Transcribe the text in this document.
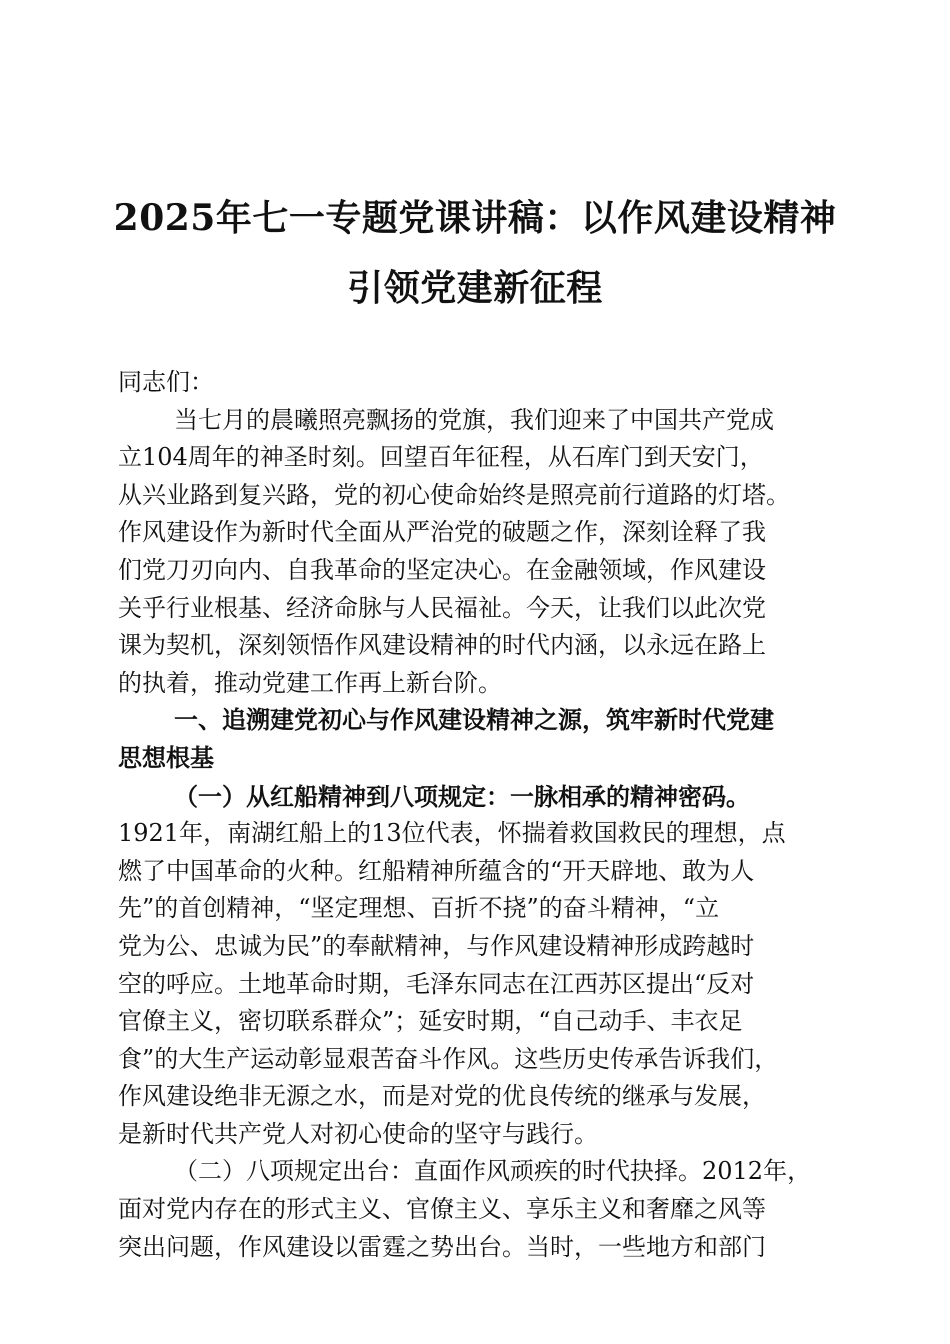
2025年七一专题党课讲稿：以作风建设精神
引领党建新征程
同志们：
当七月的晨曦照亮飘扬的党旗，我们迎来了中国共产党成
立104周年的神圣时刻。回望百年征程，从石库门到天安门，
从兴业路到复兴路，党的初心使命始终是照亮前行道路的灯塔。
作风建设作为新时代全面从严治党的破题之作，深刻诠释了我
们党刀刃向内、自我革命的坚定决心。在金融领域，作风建设
关乎行业根基、经济命脉与人民福祉。今天，让我们以此次党
课为契机，深刻领悟作风建设精神的时代内涵，以永远在路上
的执着，推动党建工作再上新台阶。
一、追溯建党初心与作风建设精神之源，筑牢新时代党建
思想根基
（一）从红船精神到八项规定：一脉相承的精神密码。
1921年，南湖红船上的13位代表，怀揣着救国救民的理想，点
燃了中国革命的火种。红船精神所蕴含的“开天辟地、敢为人
先”的首创精神，“坚定理想、百折不挠”的奋斗精神，“立
党为公、忠诚为民”的奉献精神，与作风建设精神形成跨越时
空的呼应。土地革命时期，毛泽东同志在江西苏区提出“反对
官僚主义，密切联系群众”；延安时期，“自己动手、丰衣足
食”的大生产运动彰显艰苦奋斗作风。这些历史传承告诉我们，
作风建设绝非无源之水，而是对党的优良传统的继承与发展，
是新时代共产党人对初心使命的坚守与践行。
（二）八项规定出台：直面作风顽疾的时代抉择。2012年，
面对党内存在的形式主义、官僚主义、享乐主义和奢靡之风等
突出问题，作风建设以雷霆之势出台。当时，一些地方和部门
